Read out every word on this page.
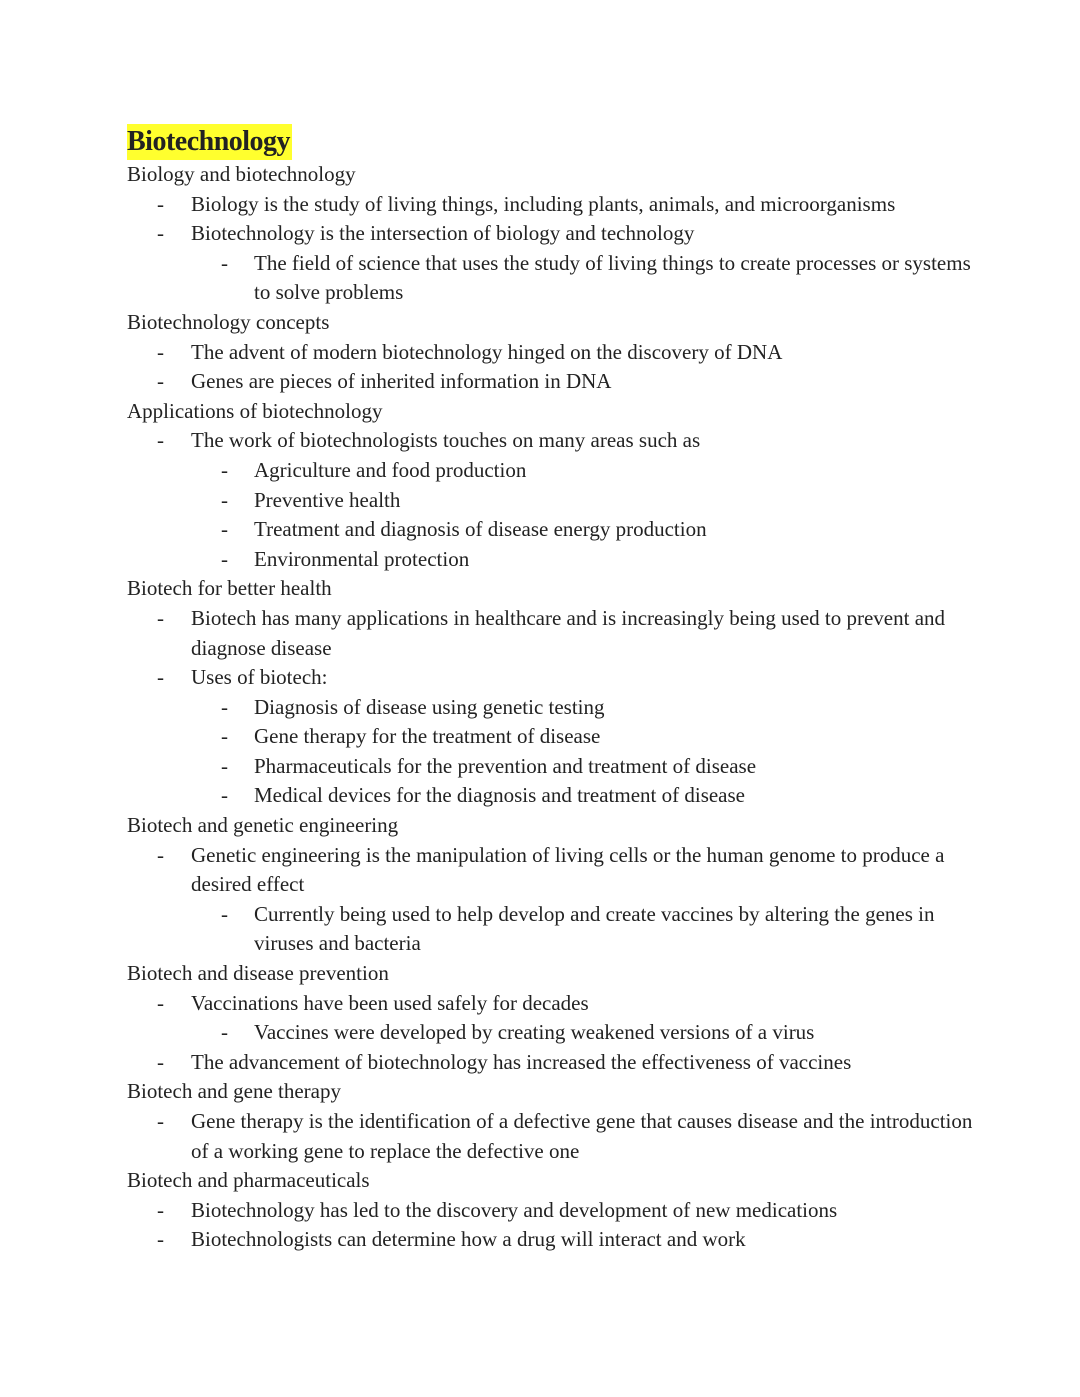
Biotechnology
Biology and biotechnology
- Biology is the study of living things, including plants, animals, and microorganisms
- Biotechnology is the intersection of biology and technology
- The field of science that uses the study of living things to create processes or systems to solve problems
Biotechnology concepts
- The advent of modern biotechnology hinged on the discovery of DNA
- Genes are pieces of inherited information in DNA
Applications of biotechnology
- The work of biotechnologists touches on many areas such as
- Agriculture and food production
- Preventive health
- Treatment and diagnosis of disease energy production
- Environmental protection
Biotech for better health
- Biotech has many applications in healthcare and is increasingly being used to prevent and diagnose disease
- Uses of biotech:
- Diagnosis of disease using genetic testing
- Gene therapy for the treatment of disease
- Pharmaceuticals for the prevention and treatment of disease
- Medical devices for the diagnosis and treatment of disease
Biotech and genetic engineering
- Genetic engineering is the manipulation of living cells or the human genome to produce a desired effect
- Currently being used to help develop and create vaccines by altering the genes in viruses and bacteria
Biotech and disease prevention
- Vaccinations have been used safely for decades
- Vaccines were developed by creating weakened versions of a virus
- The advancement of biotechnology has increased the effectiveness of vaccines
Biotech and gene therapy
- Gene therapy is the identification of a defective gene that causes disease and the introduction of a working gene to replace the defective one
Biotech and pharmaceuticals
- Biotechnology has led to the discovery and development of new medications
- Biotechnologists can determine how a drug will interact and work
